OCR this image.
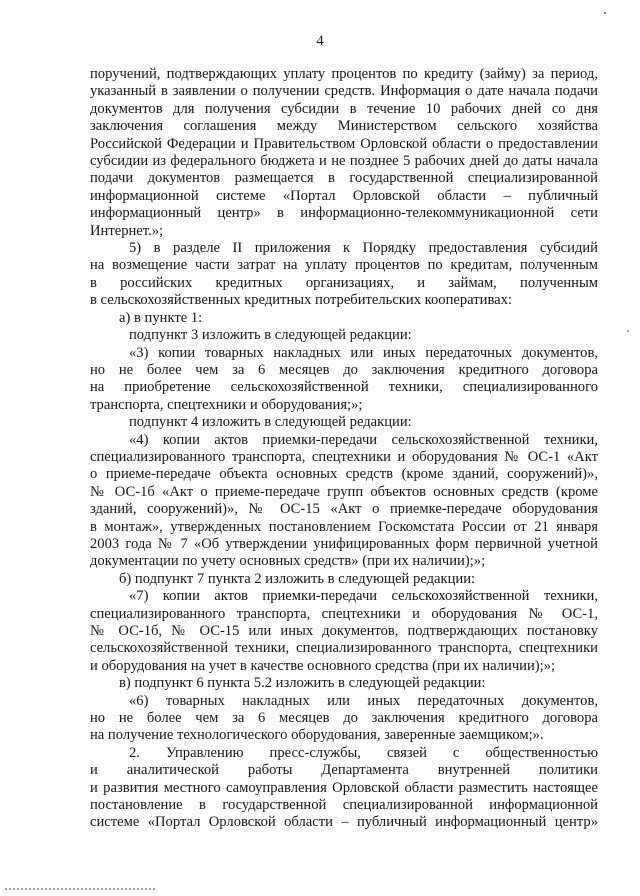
4
поручений, подтверждающих уплату процентов по кредиту (займу) за период,
указанный в заявлении о получении средств. Информация о дате начала подачи
документов для получения субсидии в течение 10 рабочих дней со дня
заключения соглашения между Министерством сельского хозяйства
Российской Федерации и Правительством Орловской области о предоставлении
субсидии из федерального бюджета и не позднее 5 рабочих дней до даты начала
подачи документов размещается в государственной специализированной
информационной системе «Портал Орловской области – публичный
информационный центр» в информационно-телекоммуникационной сети
Интернет.»;
5) в разделе II приложения к Порядку предоставления субсидий
на возмещение части затрат на уплату процентов по кредитам, полученным
в российских кредитных организациях, и займам, полученным
в сельскохозяйственных кредитных потребительских кооперативах:
а) в пункте 1:
подпункт 3 изложить в следующей редакции:
«3) копии товарных накладных или иных передаточных документов,
но не более чем за 6 месяцев до заключения кредитного договора
на приобретение сельскохозяйственной техники, специализированного
транспорта, спецтехники и оборудования;»;
подпункт 4 изложить в следующей редакции:
«4) копии актов приемки-передачи сельскохозяйственной техники,
специализированного транспорта, спецтехники и оборудования № ОС-1 «Акт
о приеме-передаче объекта основных средств (кроме зданий, сооружений)»,
№ ОС-1б «Акт о приеме-передаче групп объектов основных средств (кроме
зданий, сооружений)», № ОС-15 «Акт о приемке-передаче оборудования
в монтаж», утвержденных постановлением Госкомстата России от 21 января
2003 года № 7 «Об утверждении унифицированных форм первичной учетной
документации по учету основных средств» (при их наличии);»;
б) подпункт 7 пункта 2 изложить в следующей редакции:
«7) копии актов приемки-передачи сельскохозяйственной техники,
специализированного транспорта, спецтехники и оборудования № ОС-1,
№ ОС-1б, № ОС-15 или иных документов, подтверждающих постановку
сельскохозяйственной техники, специализированного транспорта, спецтехники
и оборудования на учет в качестве основного средства (при их наличии);»;
в) подпункт 6 пункта 5.2 изложить в следующей редакции:
«6) товарных накладных или иных передаточных документов,
но не более чем за 6 месяцев до заключения кредитного договора
на получение технологического оборудования, заверенные заемщиком;».
2. Управлению пресс-службы, связей с общественностью
и аналитической работы Департамента внутренней политики
и развития местного самоуправления Орловской области разместить настоящее
постановление в государственной специализированной информационной
системе «Портал Орловской области – публичный информационный центр»
